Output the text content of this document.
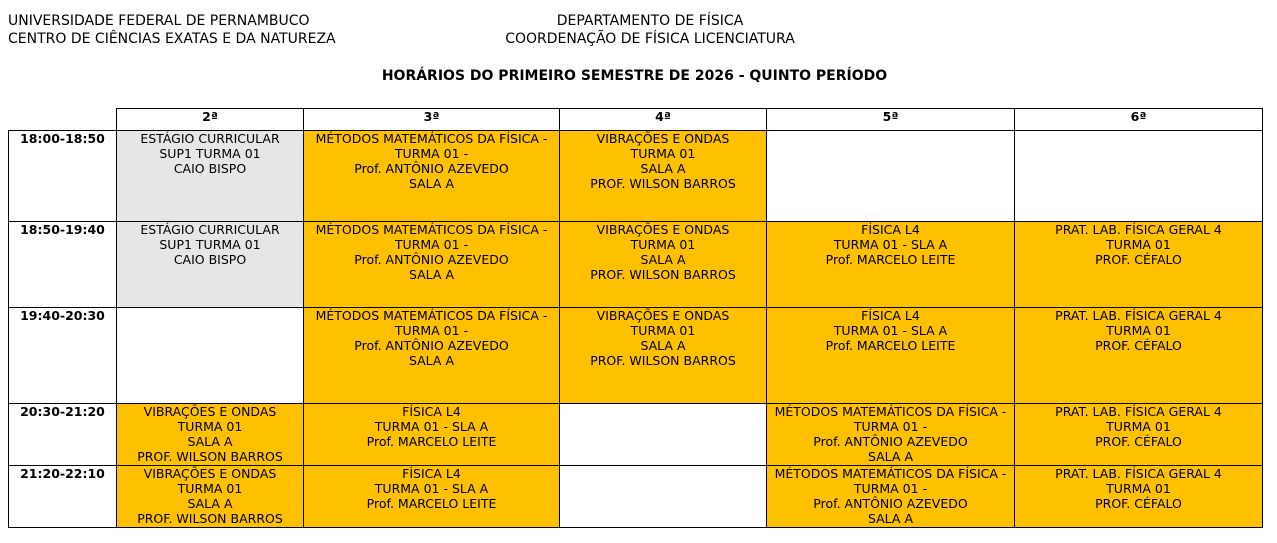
UNIVERSIDADE FEDERAL DE PERNAMBUCO
CENTRO DE CIÊNCIAS EXATAS E DA NATUREZA
DEPARTAMENTO DE FÍSICA
COORDENAÇÃO DE FÍSICA LICENCIATURA
HORÁRIOS DO PRIMEIRO SEMESTRE DE 2026 - QUINTO PERÍODO
	2ª	3ª	4ª	5ª	6ª
18:00-18:50	ESTÁGIO CURRICULAR
SUP1 TURMA 01
CAIO BISPO	MÉTODOS MATEMÁTICOS DA FÍSICA -
TURMA 01 -
Prof. ANTÔNIO AZEVEDO
SALA A	VIBRAÇÕES E ONDAS
TURMA 01
SALA A
PROF. WILSON BARROS		

18:50-19:40	ESTÁGIO CURRICULAR
SUP1 TURMA 01
CAIO BISPO	MÉTODOS MATEMÁTICOS DA FÍSICA -
TURMA 01 -
Prof. ANTÔNIO AZEVEDO
SALA A	VIBRAÇÕES E ONDAS
TURMA 01
SALA A
PROF. WILSON BARROS	FÍSICA L4
TURMA 01 - SLA A
Prof. MARCELO LEITE	PRAT. LAB. FÍSICA GERAL 4
TURMA 01
PROF. CÉFALO

19:40-20:30		MÉTODOS MATEMÁTICOS DA FÍSICA -
TURMA 01 -
Prof. ANTÔNIO AZEVEDO
SALA A	VIBRAÇÕES E ONDAS
TURMA 01
SALA A
PROF. WILSON BARROS	FÍSICA L4
TURMA 01 - SLA A
Prof. MARCELO LEITE	PRAT. LAB. FÍSICA GERAL 4
TURMA 01
PROF. CÉFALO

20:30-21:20	VIBRAÇÕES E ONDAS
TURMA 01
SALA A
PROF. WILSON BARROS	FÍSICA L4
TURMA 01 - SLA A
Prof. MARCELO LEITE		MÉTODOS MATEMÁTICOS DA FÍSICA -
TURMA 01 -
Prof. ANTÔNIO AZEVEDO
SALA A	PRAT. LAB. FÍSICA GERAL 4
TURMA 01
PROF. CÉFALO

21:20-22:10	VIBRAÇÕES E ONDAS
TURMA 01
SALA A
PROF. WILSON BARROS	FÍSICA L4
TURMA 01 - SLA A
Prof. MARCELO LEITE		MÉTODOS MATEMÁTICOS DA FÍSICA -
TURMA 01 -
Prof. ANTÔNIO AZEVEDO
SALA A	PRAT. LAB. FÍSICA GERAL 4
TURMA 01
PROF. CÉFALO
